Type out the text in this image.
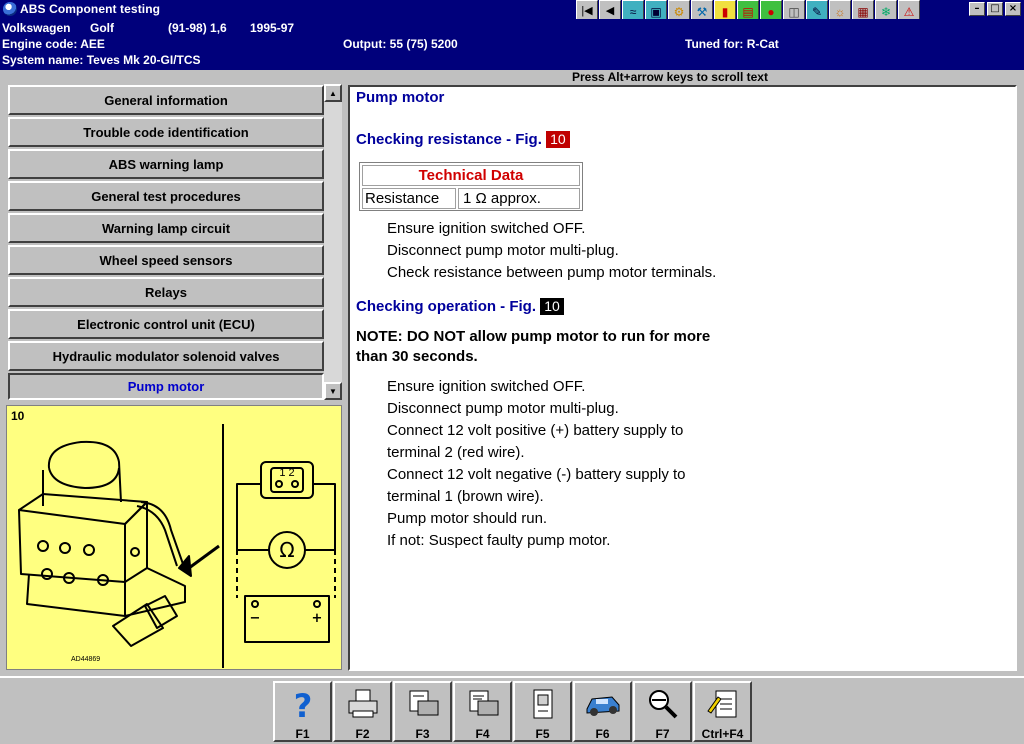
ABS Component testing	|◀ ◀ ≈ ▣ ⚙ ⚒ ▮ ▤ ● ◫ ✎ ☼ ▦ ❄ ⚠	–	□ ×
Volkswagen Golf	(91-98) 1,6 1995-97
Engine code: AEE	Output: 55 (75) 5200	Tuned for: R-Cat
System name: Teves Mk 20-GI/TCS
Press Alt+arrow keys to scroll text
General information
Trouble code identification
ABS warning lamp
General test procedures
Warning lamp circuit
Wheel speed sensors
Relays
Electronic control unit (ECU)
Hydraulic modulator solenoid valves
Pump motor
▲
▼
10
1 2
Ω
−	+
AD44869
Pump motor
Checking resistance - Fig. 10
Technical Data
Resistance	1 Ω approx.
Ensure ignition switched OFF.
Disconnect pump motor multi-plug.
Check resistance between pump motor terminals.
Checking operation - Fig. 10
NOTE: DO NOT allow pump motor to run for more
than 30 seconds.
Ensure ignition switched OFF.
Disconnect pump motor multi-plug.
Connect 12 volt positive (+) battery supply to
terminal 2 (red wire).
Connect 12 volt negative (-) battery supply to
terminal 1 (brown wire).
Pump motor should run.
If not: Suspect faulty pump motor.
?
F1	F2	F3	F4	F5	F6	F7	Ctrl+F4
